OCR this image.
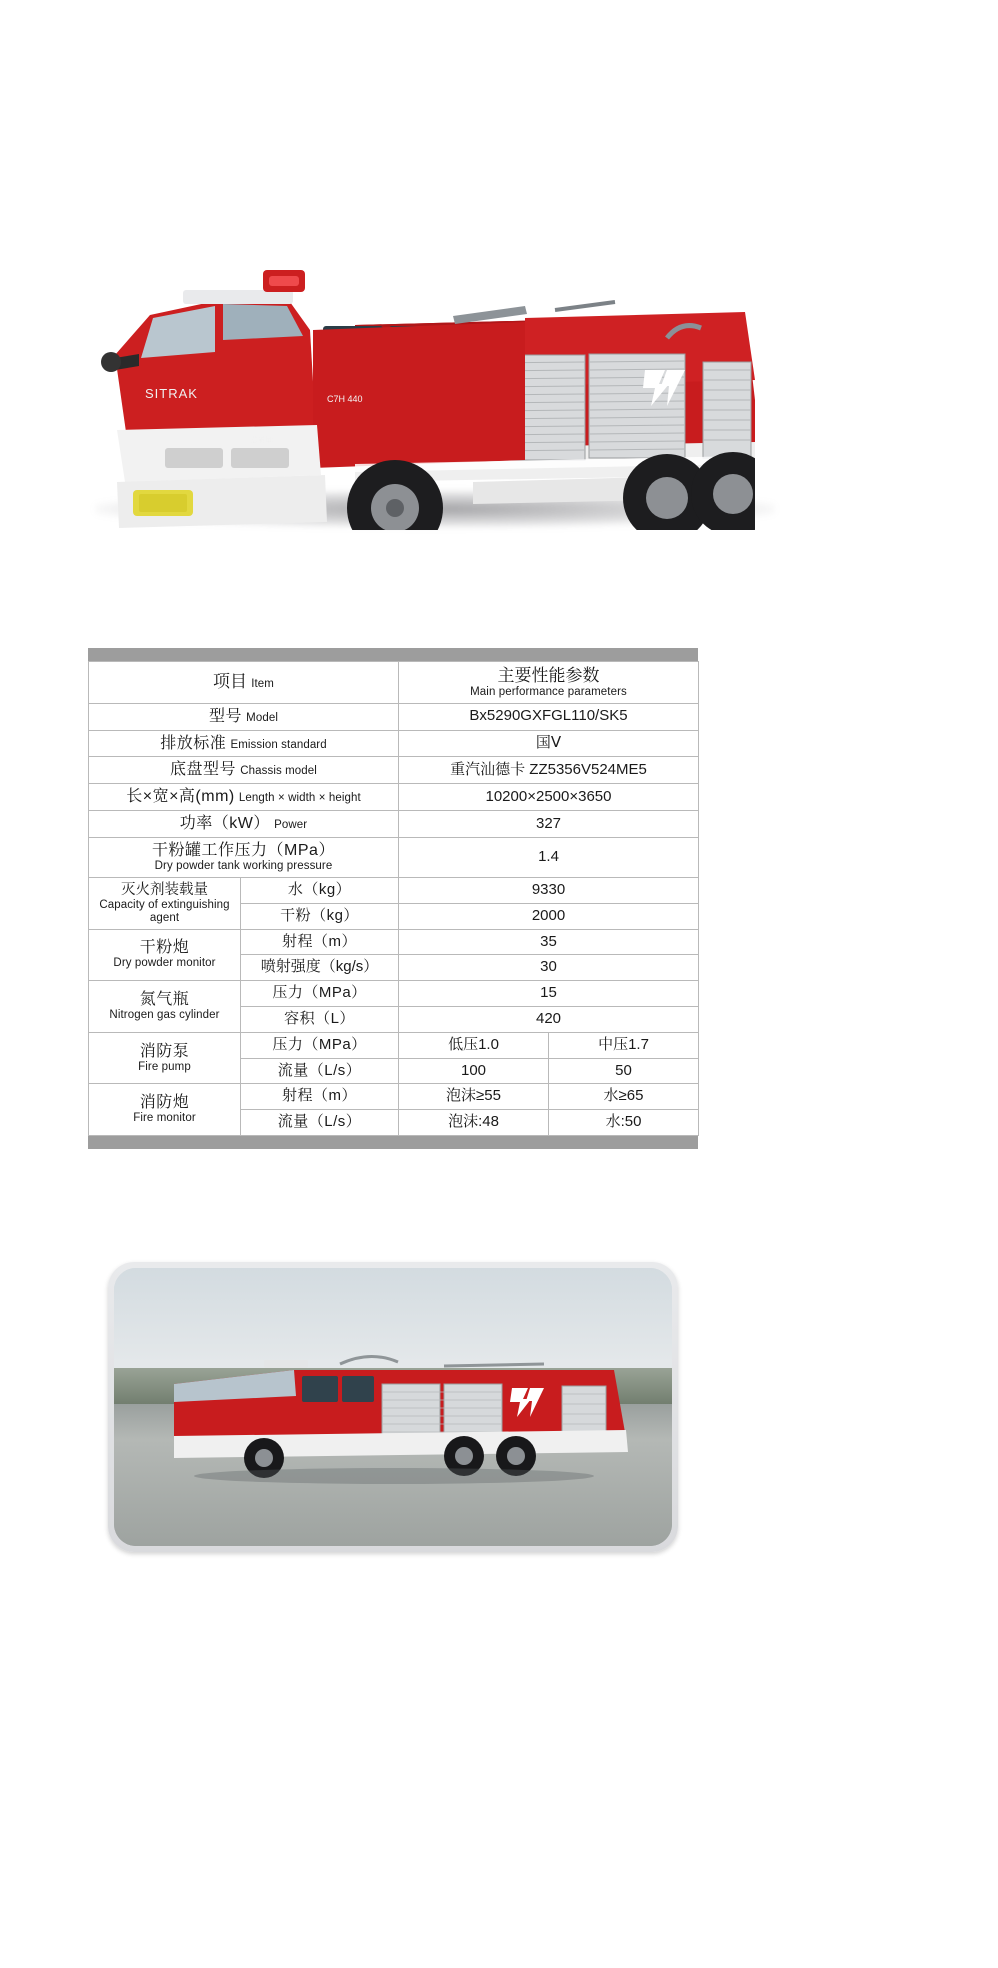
SITRAK	C7H 440
总质量:
项目 Item		主要性能参数
Main performance parameters	

型号 Model		Bx5290GXFGL110/SK5	
排放标准 Emission standard		国Ⅴ	
底盘型号 Chassis model		重汽汕德卡 ZZ5356V524ME5	
长×宽×高(mm) Length × width × height		10200×2500×3650	
功率（kW） Power		327	
干粉罐工作压力（MPa）
Dry powder tank working pressure		1.4	
灭火剂装载量
Capacity of extinguishing agent	水（kg）	9330	
	干粉（kg）	2000	
干粉炮
Dry powder monitor	射程（m）	35	
	喷射强度（kg/s）	30	
氮气瓶
Nitrogen gas cylinder	压力（MPa）	15	
	容积（L）	420	
消防泵
Fire pump	压力（MPa）	低压1.0	中压1.7
	流量（L/s）	100	50
消防炮
Fire monitor	射程（m）	泡沫≥55	水≥65
	流量（L/s）	泡沫:48	水:50
